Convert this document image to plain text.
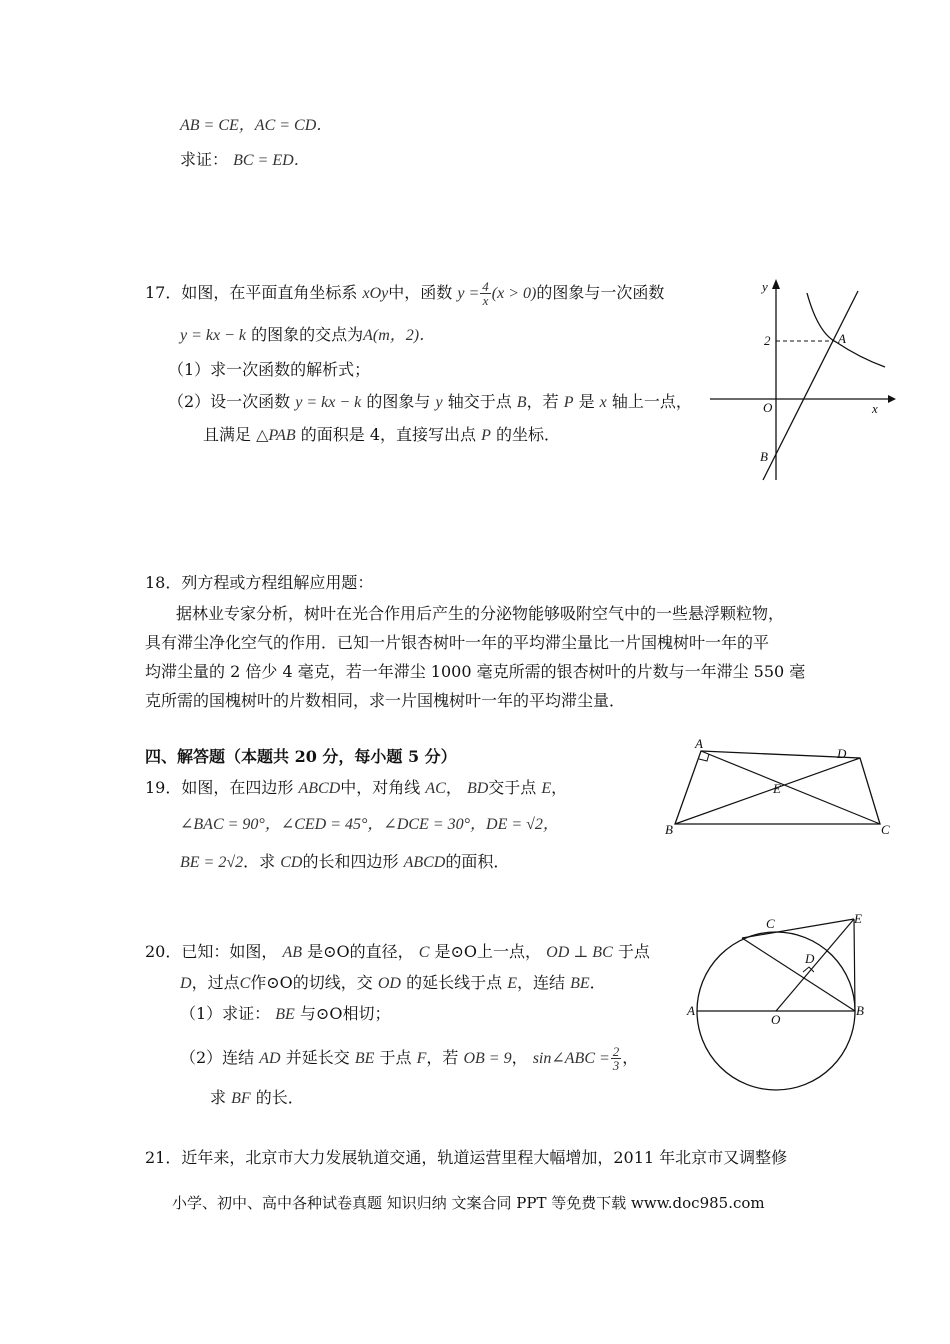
AB = CE，AC = CD．
求证： BC = ED．
17．如图，在平面直角坐标系 xOy中，函数 $y = \frac{4}{x} (x > 0)$的图象与一次函数
y = kx − k 的图象的交点为A(m，2)．
（1）求一次函数的解析式；
（2）设一次函数 y = kx − k 的图象与 y 轴交于点 B，若 P 是 x 轴上一点，
且满足 △PAB 的面积是 4，直接写出点 P 的坐标．
y
x
O
2	A
B
18．列方程或方程组解应用题：
据林业专家分析，树叶在光合作用后产生的分泌物能够吸附空气中的一些悬浮颗粒物，
具有滞尘净化空气的作用．已知一片银杏树叶一年的平均滞尘量比一片国槐树叶一年的平
均滞尘量的 2 倍少 4 毫克，若一年滞尘 1000 毫克所需的银杏树叶的片数与一年滞尘 550 毫
克所需的国槐树叶的片数相同，求一片国槐树叶一年的平均滞尘量．
四、解答题（本题共 20 分，每小题 5 分）
19．如图，在四边形 ABCD中，对角线 AC， BD交于点 E，
∠BAC = 90°，∠CED = 45°，∠DCE = 30°，DE = √2，
BE = 2√2．求 CD的长和四边形 ABCD的面积．
A
B	C
D
E
20．已知：如图， AB 是⊙O的直径， C 是⊙O上一点， OD ⊥ BC 于点
D，过点C作⊙O的切线，交 OD 的延长线于点 E，连结 BE．
（1）求证： BE 与⊙O相切；
（2）连结 AD 并延长交 BE 于点 F，若 OB = 9， sin∠ABC = $\frac{2}{3}$ ，
求 BF 的长．
C	E
D
A
O
B
21．近年来，北京市大力发展轨道交通，轨道运营里程大幅增加，2011 年北京市又调整修
小学、初中、高中各种试卷真题 知识归纳 文案合同 PPT 等免费下载 www.doc985.com
